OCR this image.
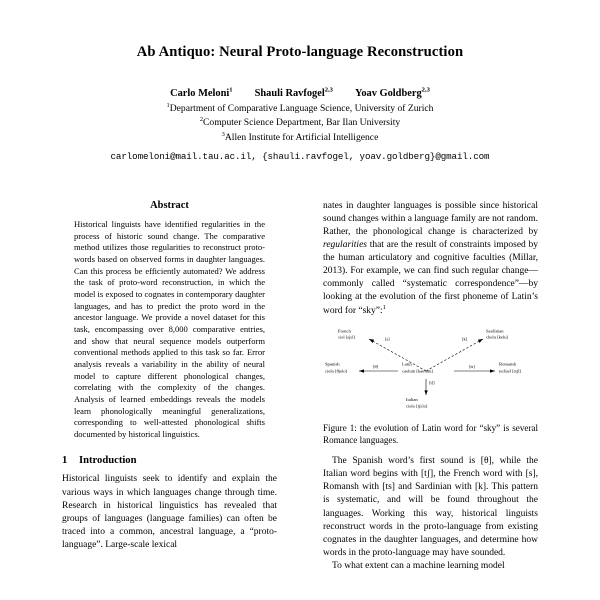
Ab Antiquo: Neural Proto-language Reconstruction
Carlo Meloni$^1$ Shauli Ravfogel$^{2,3}$ Yoav Goldberg$^{2,3}$
$^1$Department of Comparative Language Science, University of Zurich
$^2$Computer Science Department, Bar Ilan University
$^3$Allen Institute for Artificial Intelligence
carlomeloni@mail.tau.ac.il, {shauli.ravfogel, yoav.goldberg}@gmail.com
Abstract
Historical linguists have identified regularities in the process of historic sound change. The comparative method utilizes those regularities to reconstruct proto-words based on observed forms in daughter languages. Can this process be efficiently automated? We address the task of proto-word reconstruction, in which the model is exposed to cognates in contemporary daughter languages, and has to predict the proto word in the ancestor language. We provide a novel dataset for this task, encompassing over 8,000 comparative entries, and show that neural sequence models outperform conventional methods applied to this task so far. Error analysis reveals a variability in the ability of neural model to capture different phonological changes, correlating with the complexity of the changes. Analysis of learned embeddings reveals the models learn phonologically meaningful generalizations, corresponding to well-attested phonological shifts documented by historical linguistics.
1 Introduction

Historical linguists seek to identify and explain the various ways in which languages change through time. Research in historical linguistics has revealed that groups of languages (language families) can often be traced into a common, ancestral language, a “proto-language”. Large-scale lexical

nates in daughter languages is possible since historical sound changes within a language family are not random. Rather, the phonological change is characterized by regularities that are the result of constraints imposed by the human articulatory and cognitive faculties (Millar, 2013). For example, we can find such regular change—commonly called “systematic correspondence”—by looking at the evolution of the first phoneme of Latin’s word for “sky”:$^1$

French
ciel [sjɛl]
Sardinian
chelu [kelu]
Spanish
cielo [θjelo]
Latin
caelum [kaelum]
Romansh
tschiel [tsʃl]
Italian
cielo [tʃɛlo]
[s]	[k]
[θ]	[ts]
[tʃ]
Figure 1: the evolution of Latin word for “sky” is several Romance languages.

The Spanish word’s first sound is [θ], while the Italian word begins with [tʃ], the French word with [s], Romansh with [ts] and Sardinian with [k]. This pattern is systematic, and will be found throughout the languages. Working this way, historical linguists reconstruct words in the proto-language from existing cognates in the daughter languages, and determine how words in the proto-language may have sounded.

To what extent can a machine learning model
